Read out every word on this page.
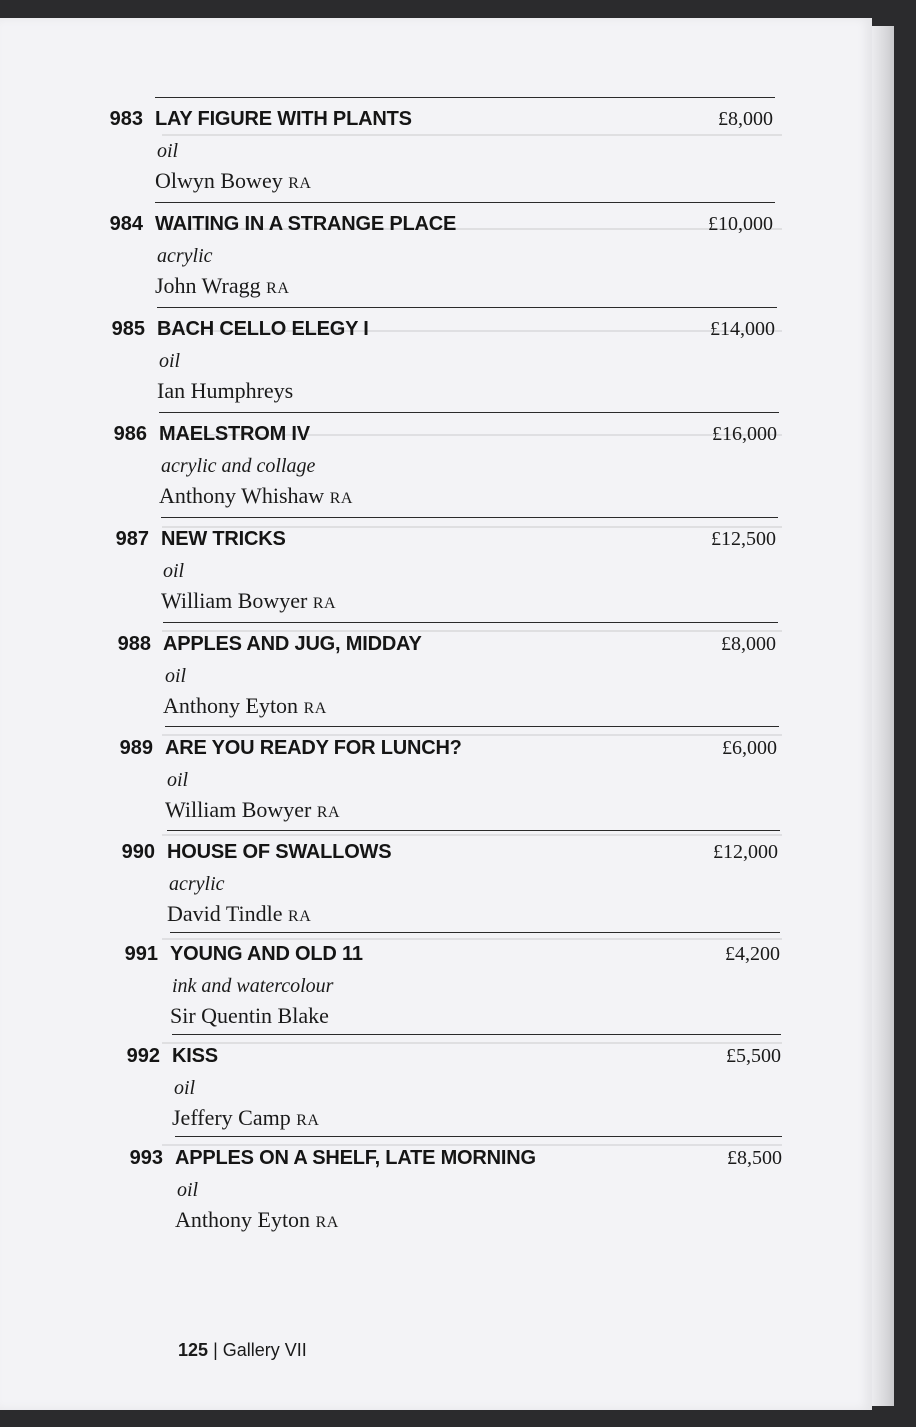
983 LAY FIGURE WITH PLANTS
oil
Olwyn Bowey RA
£8,000
984 WAITING IN A STRANGE PLACE
acrylic
John Wragg RA
£10,000
985 BACH CELLO ELEGY I
oil
Ian Humphreys
£14,000
986 MAELSTROM IV
acrylic and collage
Anthony Whishaw RA
£16,000
987 NEW TRICKS
oil
William Bowyer RA
£12,500
988 APPLES AND JUG, MIDDAY
oil
Anthony Eyton RA
£8,000
989 ARE YOU READY FOR LUNCH?
oil
William Bowyer RA
£6,000
990 HOUSE OF SWALLOWS
acrylic
David Tindle RA
£12,000
991 YOUNG AND OLD 11
ink and watercolour
Sir Quentin Blake
£4,200
992 KISS
oil
Jeffery Camp RA
£5,500
993 APPLES ON A SHELF, LATE MORNING
oil
Anthony Eyton RA
£8,500
125 | Gallery VII
